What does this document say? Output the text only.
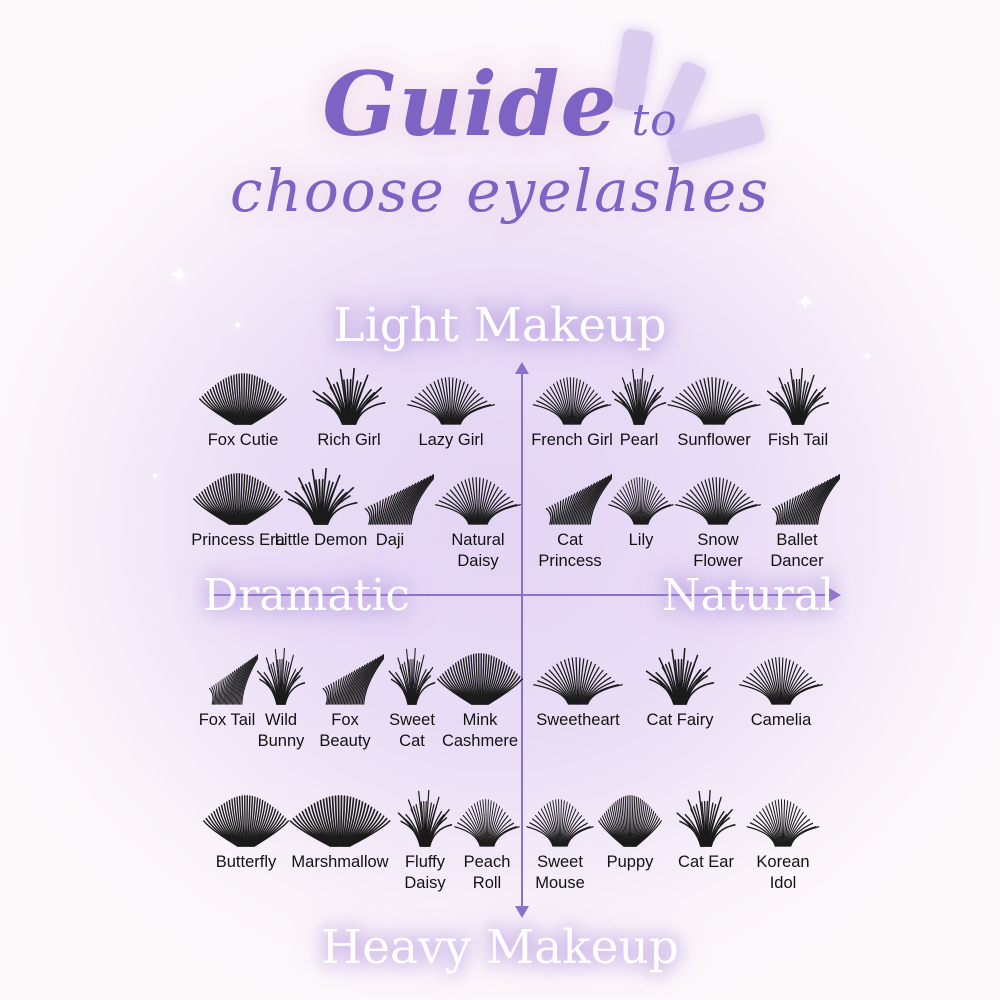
Guide to
choose eyelashes
Light Makeup
Heavy Makeup
Dramatic	Natural
Fox Cutie	Rich Girl	Lazy Girl
Princess Era
Little Demon Daji	Natural Daisy
French Girl Pearl	Sunflower	Fish Tail
Cat Princess
Lily	Snow Flower
Ballet Dancer
Fox Tail Wild Bunny
Fox Beauty
Sweet Cat
Mink Cashmere
Butterfly Marshmallow Fluffy Daisy
Peach Roll
Sweetheart	Cat Fairy	Camelia
Sweet Mouse
Puppy	Cat Ear	Korean Idol
✦
✦
✦
✦
✦
